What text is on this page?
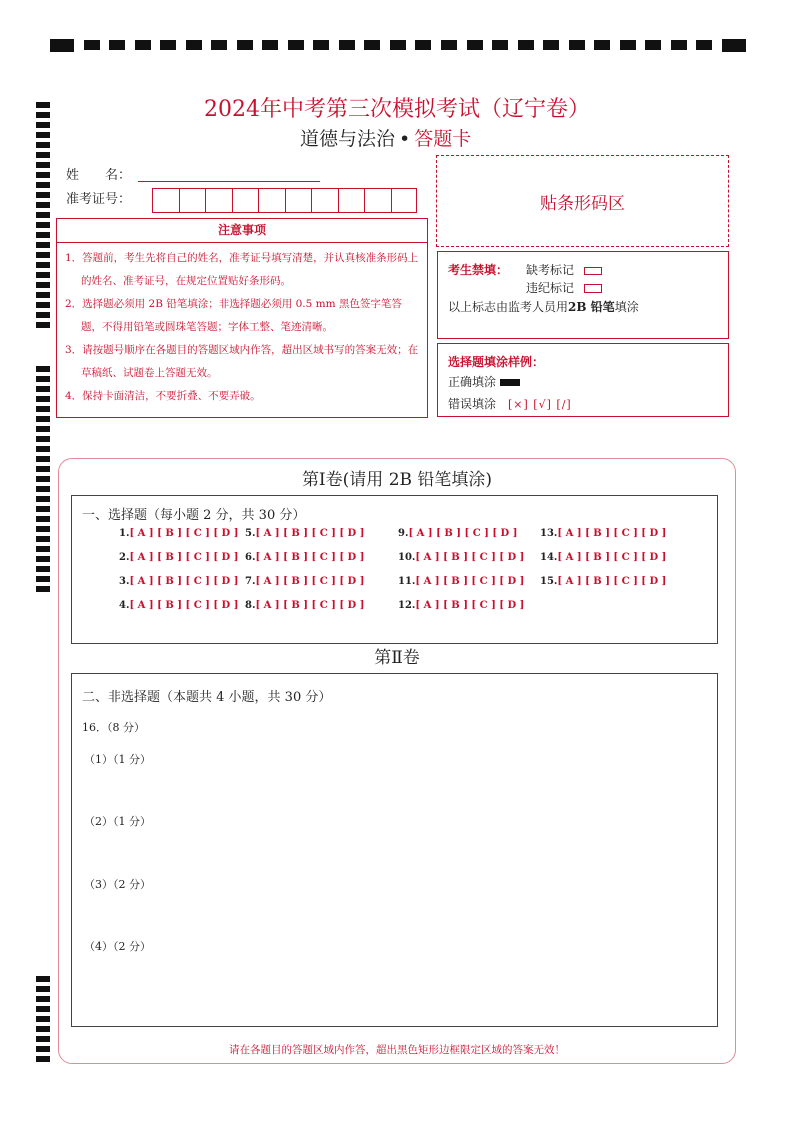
2024年中考第三次模拟考试（辽宁卷）
道德与法治 • 答题卡
姓　　名：
准考证号：	贴条形码区
注意事项
1．答题前，考生先将自己的姓名，准考证号填写清楚，并认真核准条形码上的姓名、准考证号，在规定位置贴好条形码。
2．选择题必须用 2B 铅笔填涂；非选择题必须用 0.5 mm 黑色签字笔答题，不得用铅笔或圆珠笔答题；字体工整、笔迹清晰。
3．请按题号顺序在各题目的答题区域内作答，超出区域书写的答案无效；在草稿纸、试题卷上答题无效。
4．保持卡面清洁，不要折叠、不要弄破。
考生禁填： 缺考标记
违纪标记
以上标志由监考人员用2B 铅笔填涂
选择题填涂样例：
正确填涂
错误填涂 [×] [√] [/]
第Ⅰ卷(请用 2B 铅笔填涂)
一、选择题（每小题 2 分，共 30 分）
1.[ A ] [ B ] [ C ] [ D ]
2.[ A ] [ B ] [ C ] [ D ]
3.[ A ] [ B ] [ C ] [ D ]
4.[ A ] [ B ] [ C ] [ D ]
5.[ A ] [ B ] [ C ] [ D ]
6.[ A ] [ B ] [ C ] [ D ]
7.[ A ] [ B ] [ C ] [ D ]
8.[ A ] [ B ] [ C ] [ D ]
9.[ A ] [ B ] [ C ] [ D ]
10.[ A ] [ B ] [ C ] [ D ]
11.[ A ] [ B ] [ C ] [ D ]
12.[ A ] [ B ] [ C ] [ D ]
13.[ A ] [ B ] [ C ] [ D ]
14.[ A ] [ B ] [ C ] [ D ]
15.[ A ] [ B ] [ C ] [ D ]
第Ⅱ卷
二、非选择题（本题共 4 小题，共 30 分）
16．（8 分）
（1）（1 分）
（2）（1 分）
（3）（2 分）
（4）（2 分）
请在各题目的答题区域内作答，超出黑色矩形边框限定区域的答案无效！
